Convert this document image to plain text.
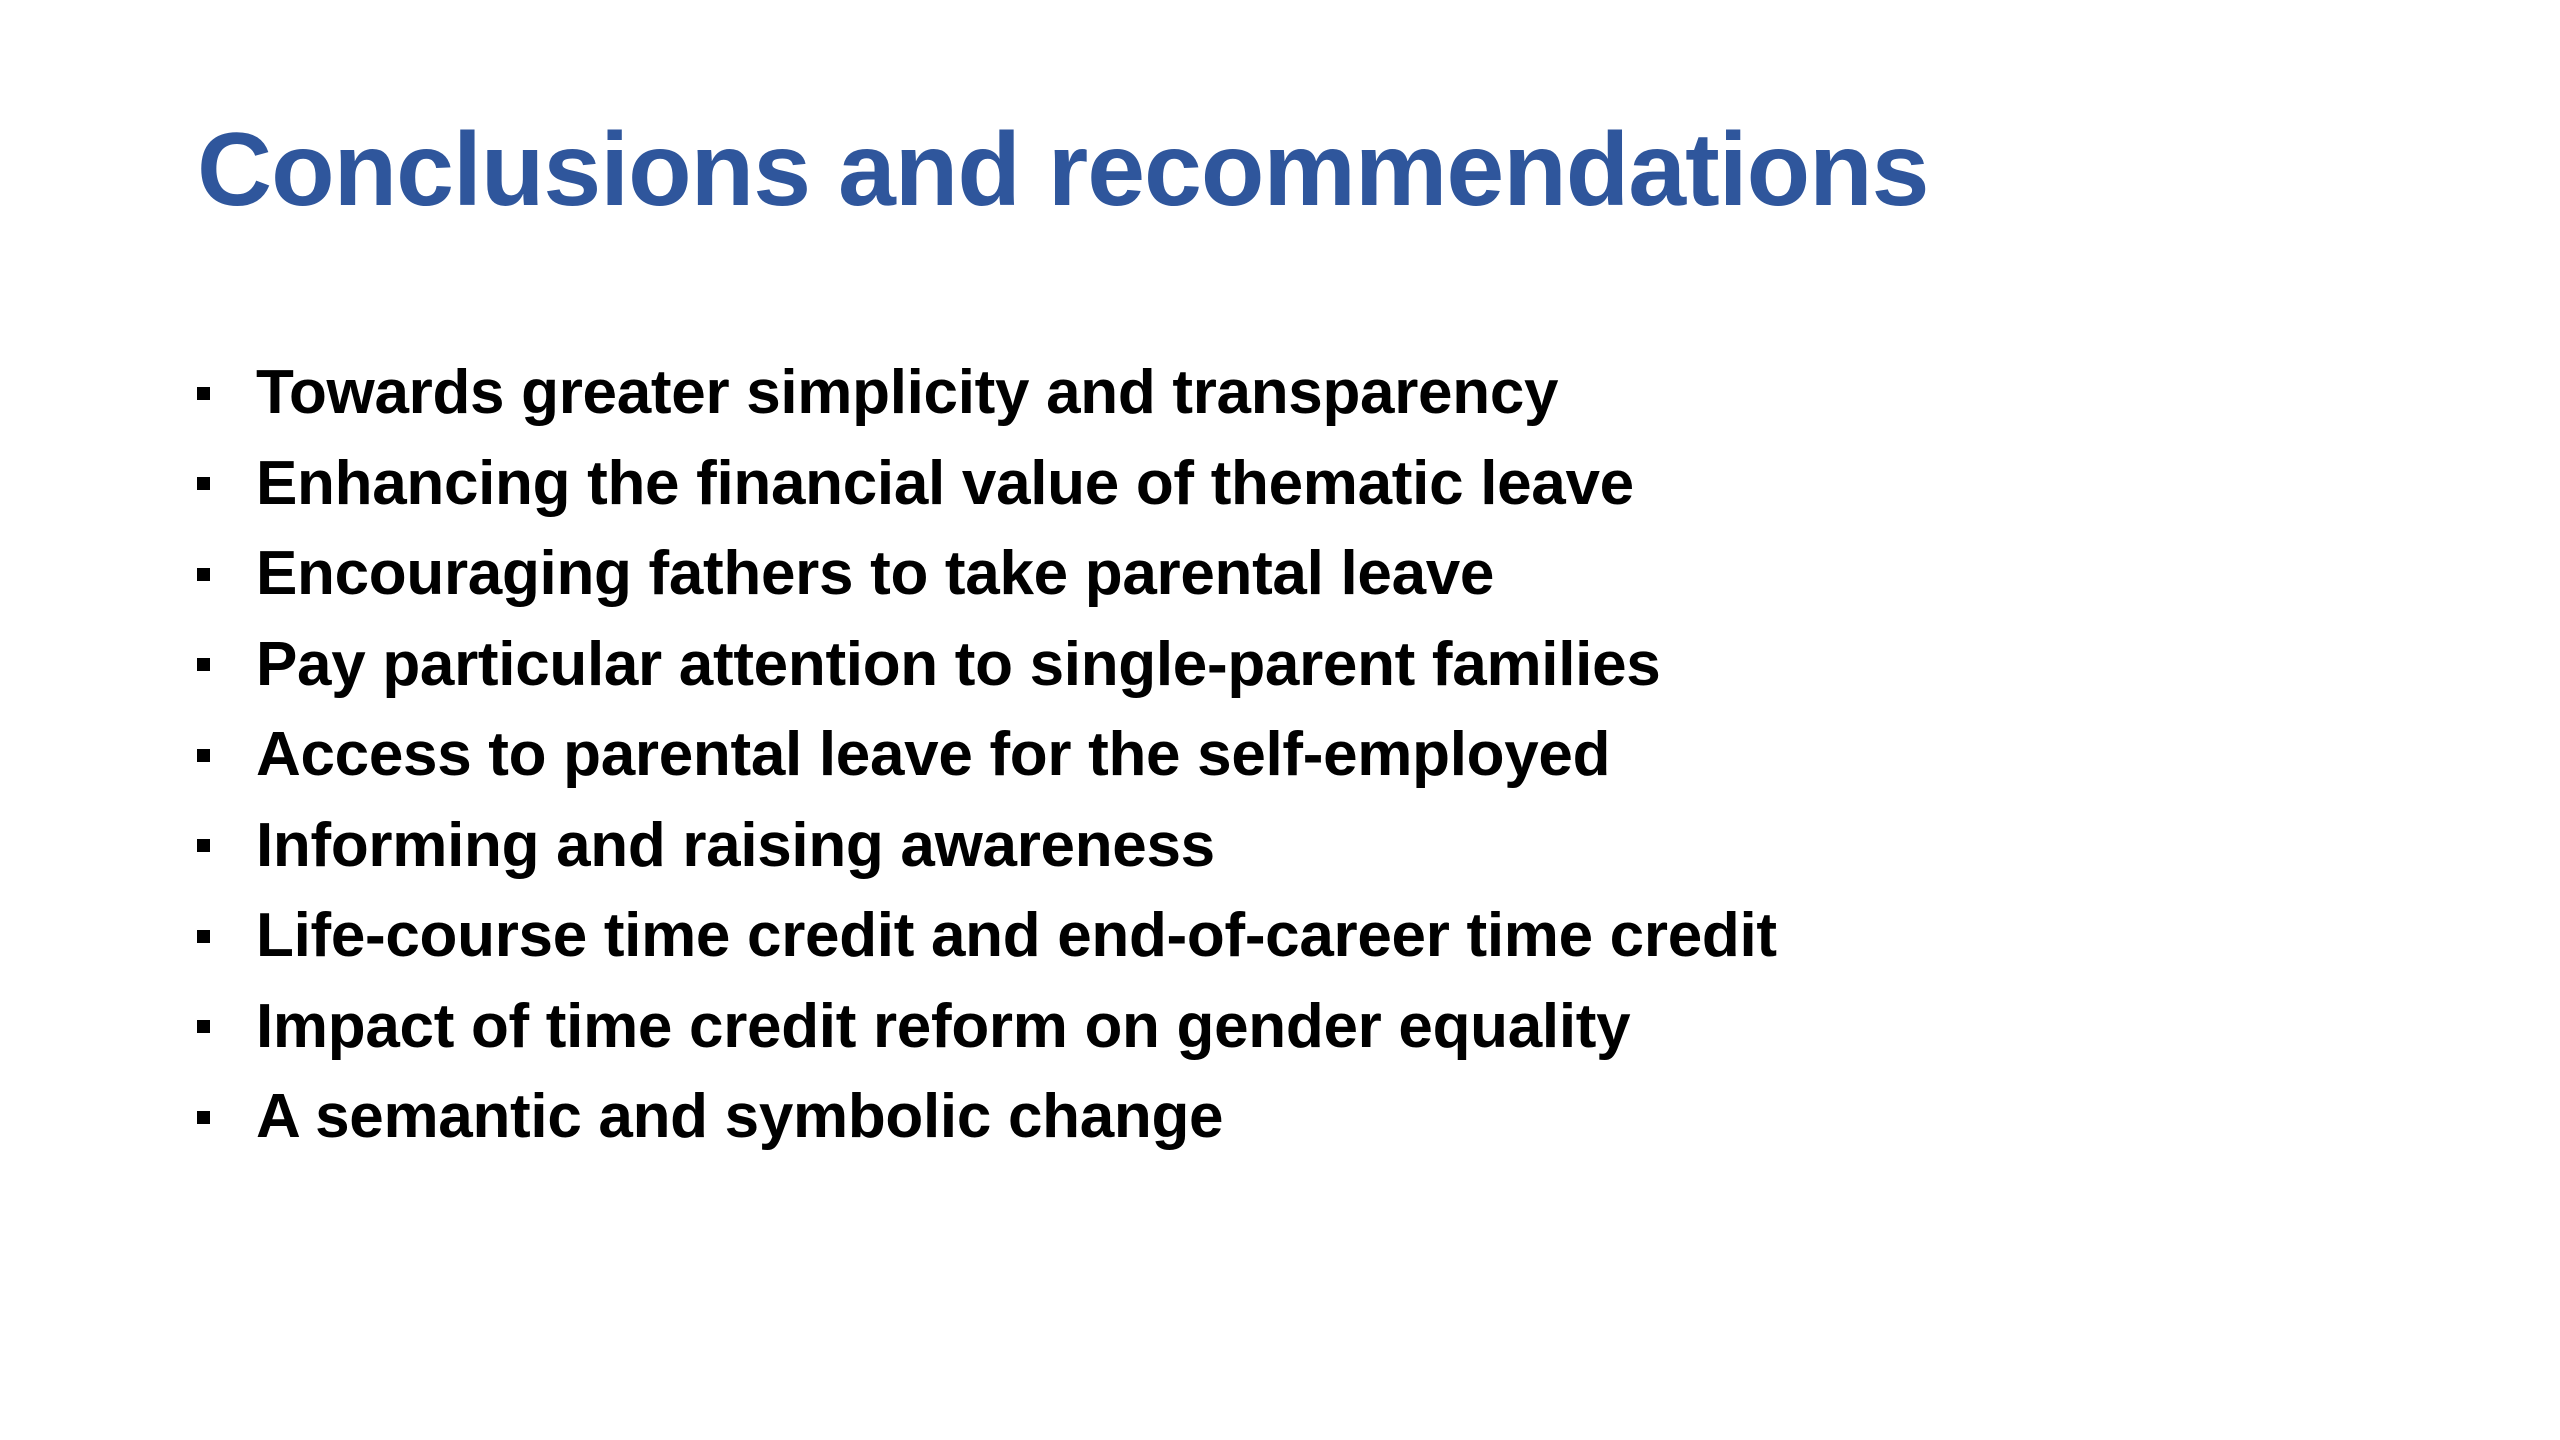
Conclusions and recommendations
Towards greater simplicity and transparency
Enhancing the financial value of thematic leave
Encouraging fathers to take parental leave
Pay particular attention to single-parent families
Access to parental leave for the self-employed
Informing and raising awareness
Life-course time credit and end-of-career time credit
Impact of time credit reform on gender equality
A semantic and symbolic change
